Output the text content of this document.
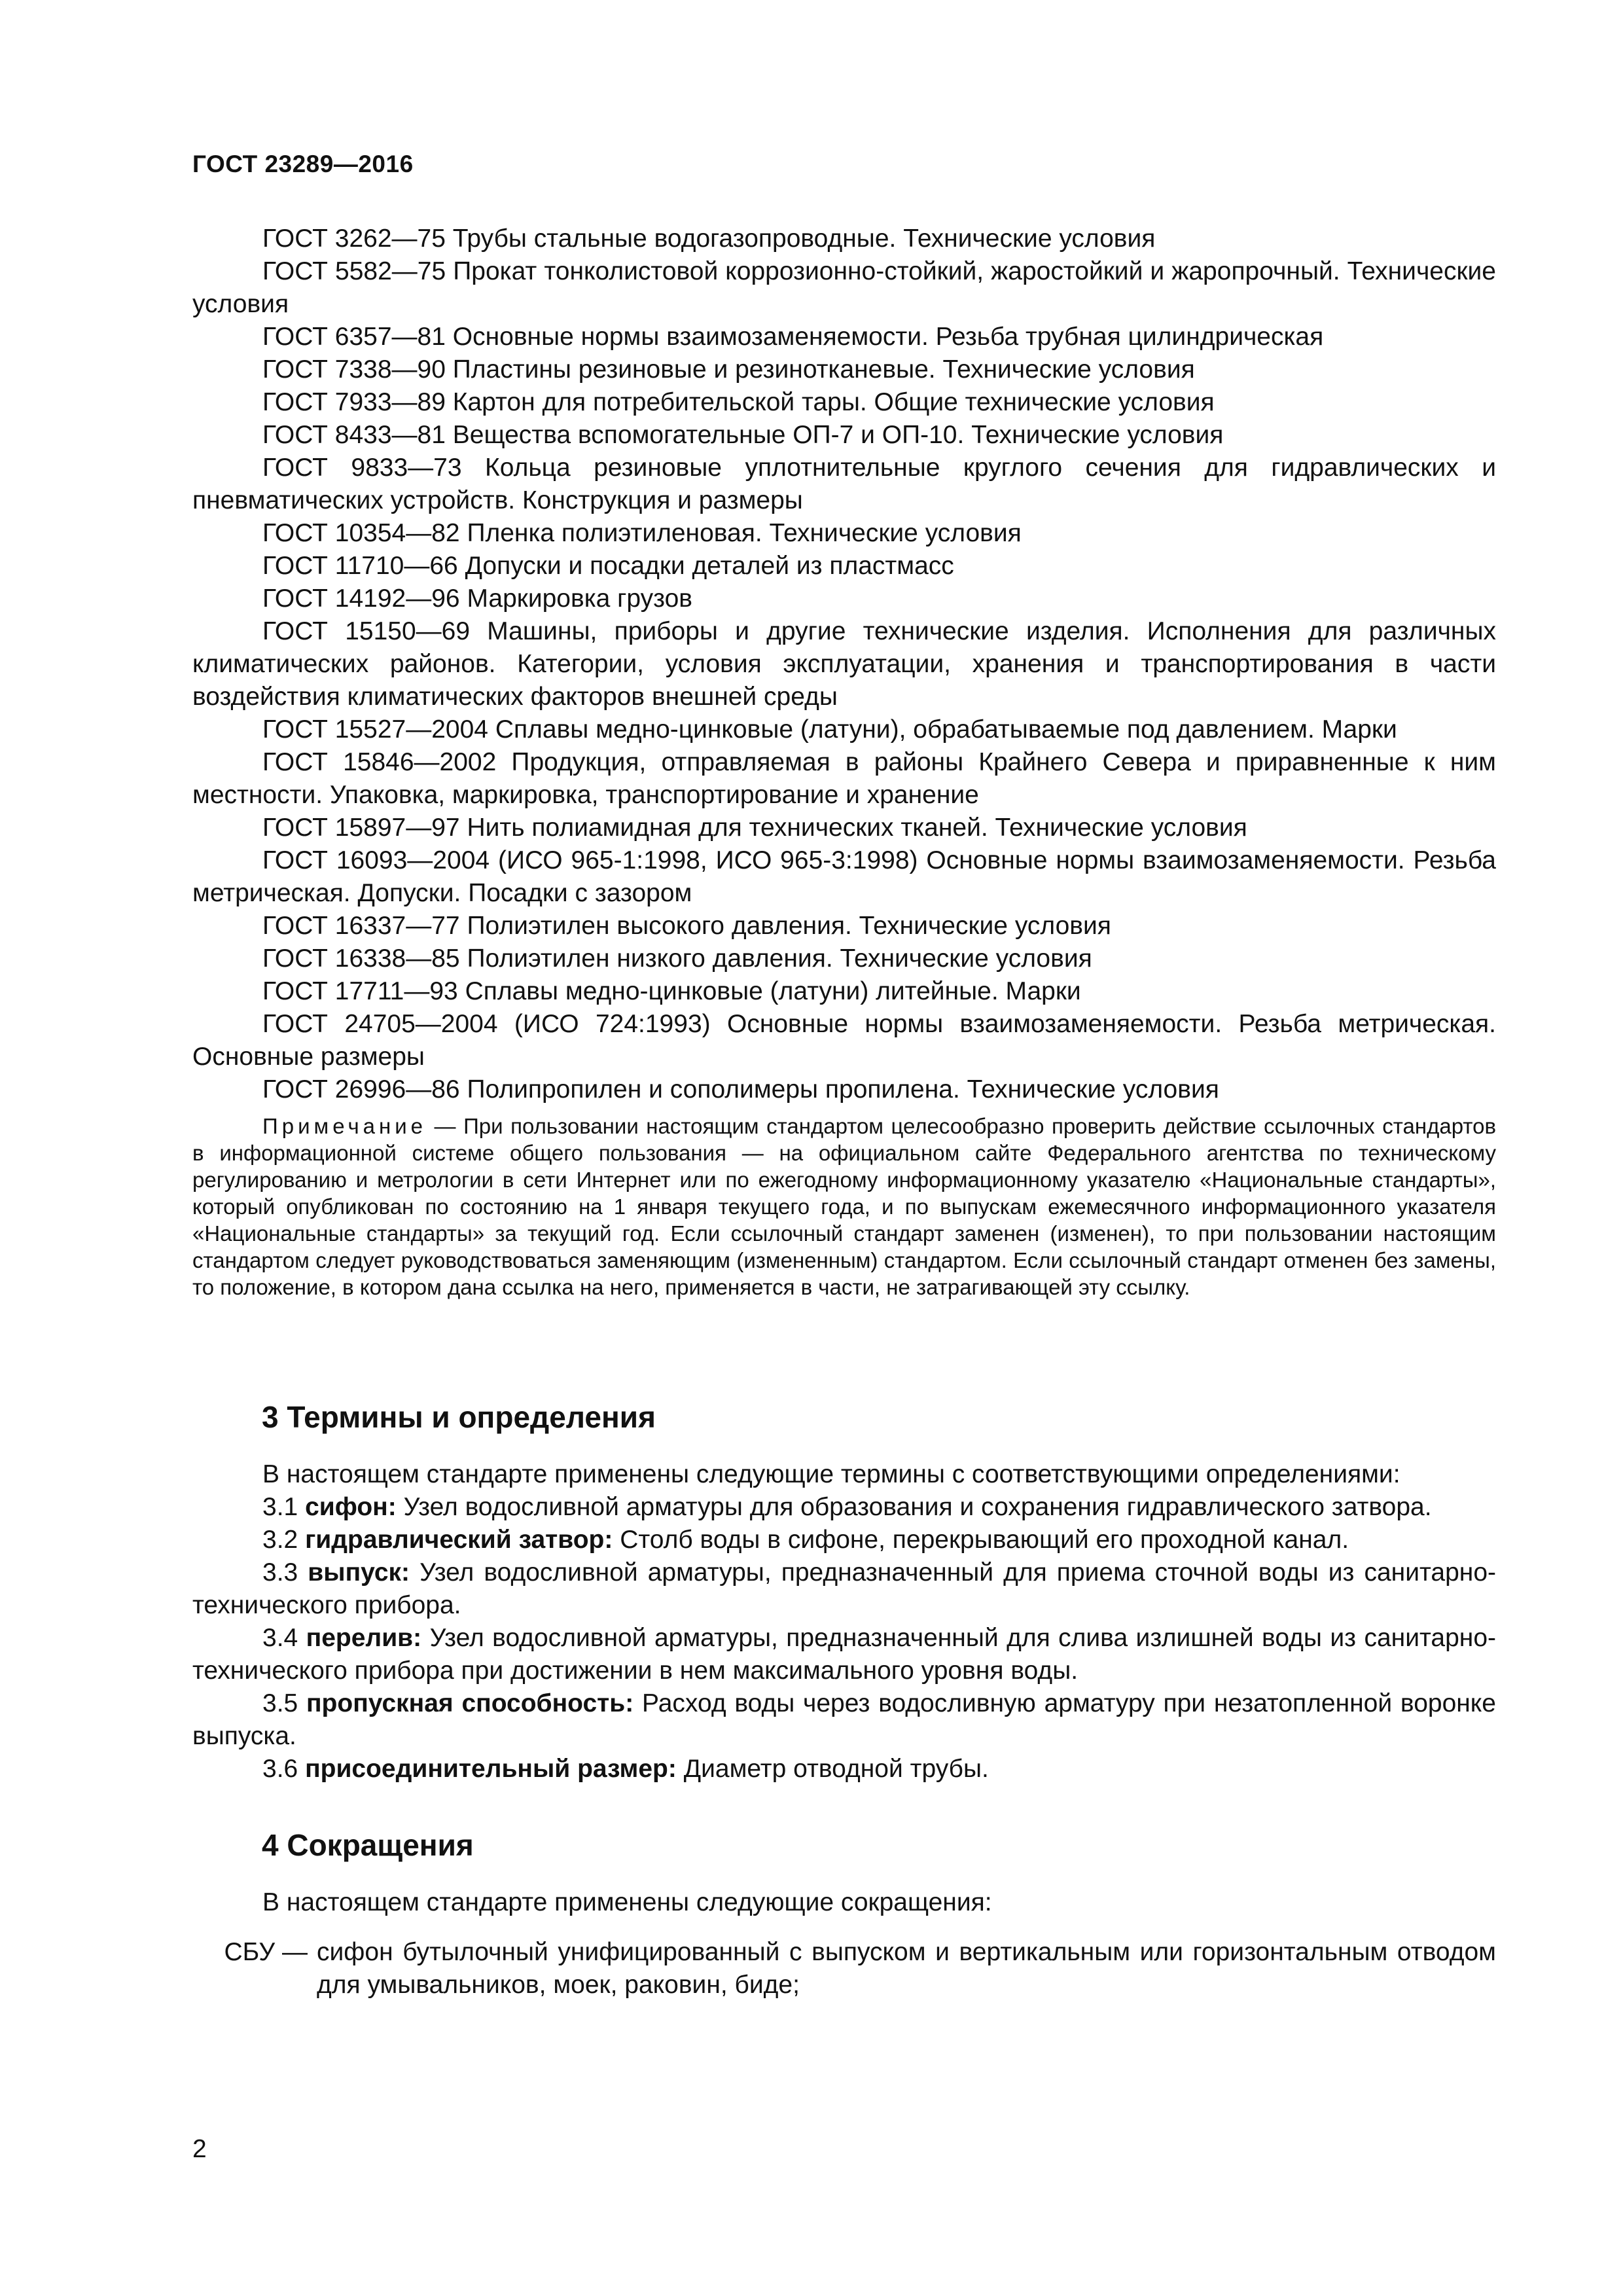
ГОСТ 23289—2016

ГОСТ 3262—75 Трубы стальные водогазопроводные. Технические условия

ГОСТ 5582—75 Прокат тонколистовой коррозионно-стойкий, жаростойкий и жаропрочный. Технические условия

ГОСТ 6357—81 Основные нормы взаимозаменяемости. Резьба трубная цилиндрическая

ГОСТ 7338—90 Пластины резиновые и резинотканевые. Технические условия

ГОСТ 7933—89 Картон для потребительской тары. Общие технические условия

ГОСТ 8433—81 Вещества вспомогательные ОП-7 и ОП-10. Технические условия

ГОСТ 9833—73 Кольца резиновые уплотнительные круглого сечения для гидравлических и пневматических устройств. Конструкция и размеры

ГОСТ 10354—82 Пленка полиэтиленовая. Технические условия

ГОСТ 11710—66 Допуски и посадки деталей из пластмасс

ГОСТ 14192—96 Маркировка грузов

ГОСТ 15150—69 Машины, приборы и другие технические изделия. Исполнения для различных климатических районов. Категории, условия эксплуатации, хранения и транспортирования в части воздействия климатических факторов внешней среды

ГОСТ 15527—2004 Сплавы медно-цинковые (латуни), обрабатываемые под давлением. Марки

ГОСТ 15846—2002 Продукция, отправляемая в районы Крайнего Севера и приравненные к ним местности. Упаковка, маркировка, транспортирование и хранение

ГОСТ 15897—97 Нить полиамидная для технических тканей. Технические условия

ГОСТ 16093—2004 (ИСО 965-1:1998, ИСО 965-3:1998) Основные нормы взаимозаменяемости. Резьба метрическая. Допуски. Посадки с зазором

ГОСТ 16337—77 Полиэтилен высокого давления. Технические условия

ГОСТ 16338—85 Полиэтилен низкого давления. Технические условия

ГОСТ 17711—93 Сплавы медно-цинковые (латуни) литейные. Марки

ГОСТ 24705—2004 (ИСО 724:1993) Основные нормы взаимозаменяемости. Резьба метрическая. Основные размеры

ГОСТ 26996—86 Полипропилен и сополимеры пропилена. Технические условия

Примечание — При пользовании настоящим стандартом целесообразно проверить действие ссылочных стандартов в информационной системе общего пользования — на официальном сайте Федерального агентства по техническому регулированию и метрологии в сети Интернет или по ежегодному информационному указателю «Национальные стандарты», который опубликован по состоянию на 1 января текущего года, и по выпускам ежемесячного информационного указателя «Национальные стандарты» за текущий год. Если ссылочный стандарт заменен (изменен), то при пользовании настоящим стандартом следует руководствоваться заменяющим (измененным) стандартом. Если ссылочный стандарт отменен без замены, то положение, в котором дана ссылка на него, применяется в части, не затрагивающей эту ссылку.

3 Термины и определения

В настоящем стандарте применены следующие термины с соответствующими определениями:

3.1 сифон: Узел водосливной арматуры для образования и сохранения гидравлического затвора.

3.2 гидравлический затвор: Столб воды в сифоне, перекрывающий его проходной канал.

3.3 выпуск: Узел водосливной арматуры, предназначенный для приема сточной воды из санитарно-технического прибора.

3.4 перелив: Узел водосливной арматуры, предназначенный для слива излишней воды из санитарно-технического прибора при достижении в нем максимального уровня воды.

3.5 пропускная способность: Расход воды через водосливную арматуру при незатопленной воронке выпуска.

3.6 присоединительный размер: Диаметр отводной трубы.

4 Сокращения

В настоящем стандарте применены следующие сокращения:

СБУ — сифон бутылочный унифицированный с выпуском и вертикальным или горизонтальным отводом для умывальников, моек, раковин, биде;
2
